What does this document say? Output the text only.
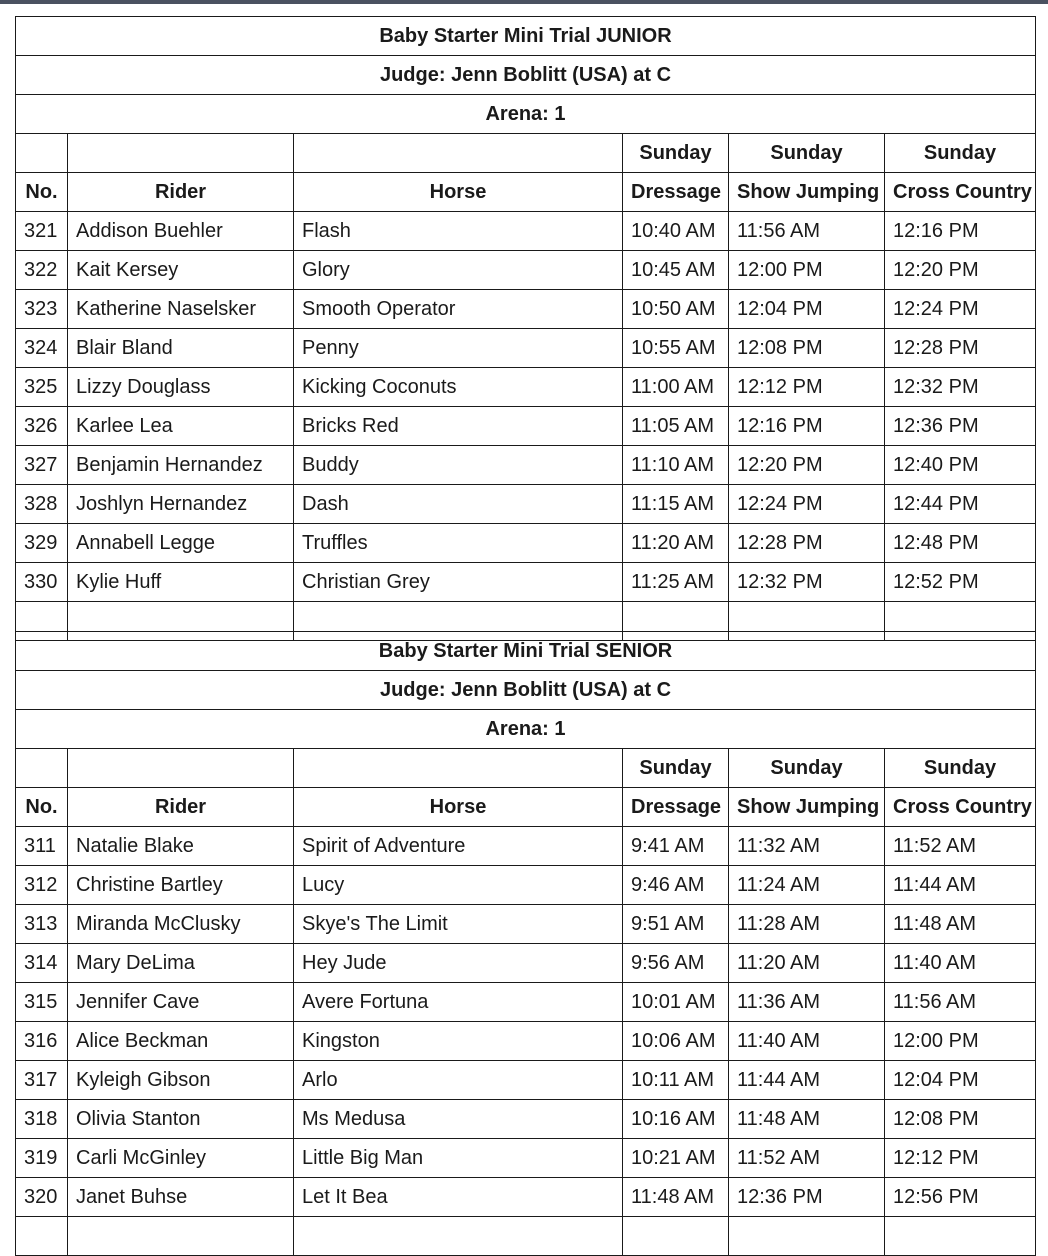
Baby Starter Mini Trial JUNIOR					
Judge: Jenn Boblitt (USA) at C					
Arena: 1					
			Sunday	Sunday	Sunday
No.	Rider	Horse	Dressage	Show Jumping	Cross Country
321	Addison Buehler	Flash	10:40 AM	11:56 AM	12:16 PM
322	Kait Kersey	Glory	10:45 AM	12:00 PM	12:20 PM
323	Katherine Naselsker	Smooth Operator	10:50 AM	12:04 PM	12:24 PM
324	Blair Bland	Penny	10:55 AM	12:08 PM	12:28 PM
325	Lizzy Douglass	Kicking Coconuts	11:00 AM	12:12 PM	12:32 PM
326	Karlee Lea	Bricks Red	11:05 AM	12:16 PM	12:36 PM
327	Benjamin Hernandez	Buddy	11:10 AM	12:20 PM	12:40 PM
328	Joshlyn Hernandez	Dash	11:15 AM	12:24 PM	12:44 PM
329	Annabell Legge	Truffles	11:20 AM	12:28 PM	12:48 PM
330	Kylie Huff	Christian Grey	11:25 AM	12:32 PM	12:52 PM

Baby Starter Mini Trial SENIOR					
Judge: Jenn Boblitt (USA) at C					
Arena: 1					
			Sunday	Sunday	Sunday
No.	Rider	Horse	Dressage	Show Jumping	Cross Country
311	Natalie Blake	Spirit of Adventure	9:41 AM	11:32 AM	11:52 AM
312	Christine Bartley	Lucy	9:46 AM	11:24 AM	11:44 AM
313	Miranda McClusky	Skye's The Limit	9:51 AM	11:28 AM	11:48 AM
314	Mary DeLima	Hey Jude	9:56 AM	11:20 AM	11:40 AM
315	Jennifer Cave	Avere Fortuna	10:01 AM	11:36 AM	11:56 AM
316	Alice Beckman	Kingston	10:06 AM	11:40 AM	12:00 PM
317	Kyleigh Gibson	Arlo	10:11 AM	11:44 AM	12:04 PM
318	Olivia Stanton	Ms Medusa	10:16 AM	11:48 AM	12:08 PM
319	Carli McGinley	Little Big Man	10:21 AM	11:52 AM	12:12 PM
320	Janet Buhse	Let It Bea	11:48 AM	12:36 PM	12:56 PM
